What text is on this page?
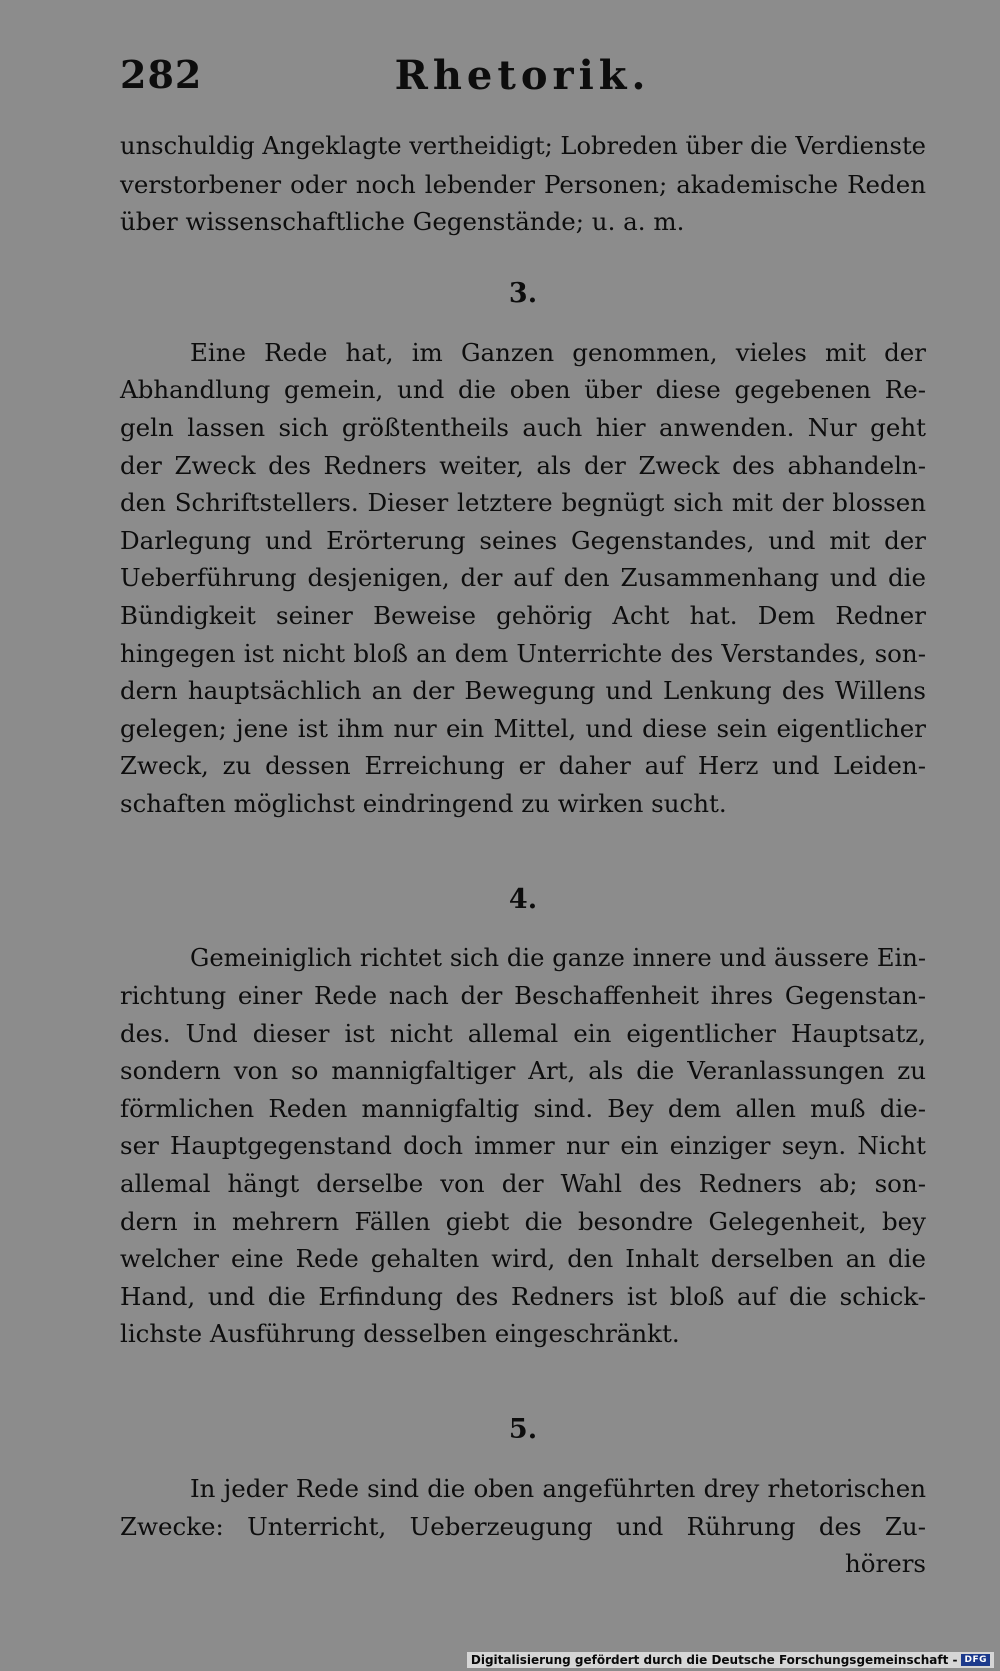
282	Rhetorik.
unschuldig Angeklagte vertheidigt; Lobreden über die Verdienste
verstorbener oder noch lebender Personen; akademische Reden
über wissenschaftliche Gegenstände; u. a. m.
3.
Eine Rede hat, im Ganzen genommen, vieles mit der
Abhandlung gemein, und die oben über diese gegebenen Re-
geln lassen sich größtentheils auch hier anwenden. Nur geht
der Zweck des Redners weiter, als der Zweck des abhandeln-
den Schriftstellers. Dieser letztere begnügt sich mit der blossen
Darlegung und Erörterung seines Gegenstandes, und mit der
Ueberführung desjenigen, der auf den Zusammenhang und die
Bündigkeit seiner Beweise gehörig Acht hat. Dem Redner
hingegen ist nicht bloß an dem Unterrichte des Verstandes, son-
dern hauptsächlich an der Bewegung und Lenkung des Willens
gelegen; jene ist ihm nur ein Mittel, und diese sein eigentlicher
Zweck, zu dessen Erreichung er daher auf Herz und Leiden-
schaften möglichst eindringend zu wirken sucht.
4.
Gemeiniglich richtet sich die ganze innere und äussere Ein-
richtung einer Rede nach der Beschaffenheit ihres Gegenstan-
des. Und dieser ist nicht allemal ein eigentlicher Hauptsatz,
sondern von so mannigfaltiger Art, als die Veranlassungen zu
förmlichen Reden mannigfaltig sind. Bey dem allen muß die-
ser Hauptgegenstand doch immer nur ein einziger seyn. Nicht
allemal hängt derselbe von der Wahl des Redners ab; son-
dern in mehrern Fällen giebt die besondre Gelegenheit, bey
welcher eine Rede gehalten wird, den Inhalt derselben an die
Hand, und die Erfindung des Redners ist bloß auf die schick-
lichste Ausführung desselben eingeschränkt.
5.
In jeder Rede sind die oben angeführten drey rhetorischen
Zwecke: Unterricht, Ueberzeugung und Rührung des Zu-
hörers
Digitalisierung gefördert durch die Deutsche Forschungsgemeinschaft - DFG
